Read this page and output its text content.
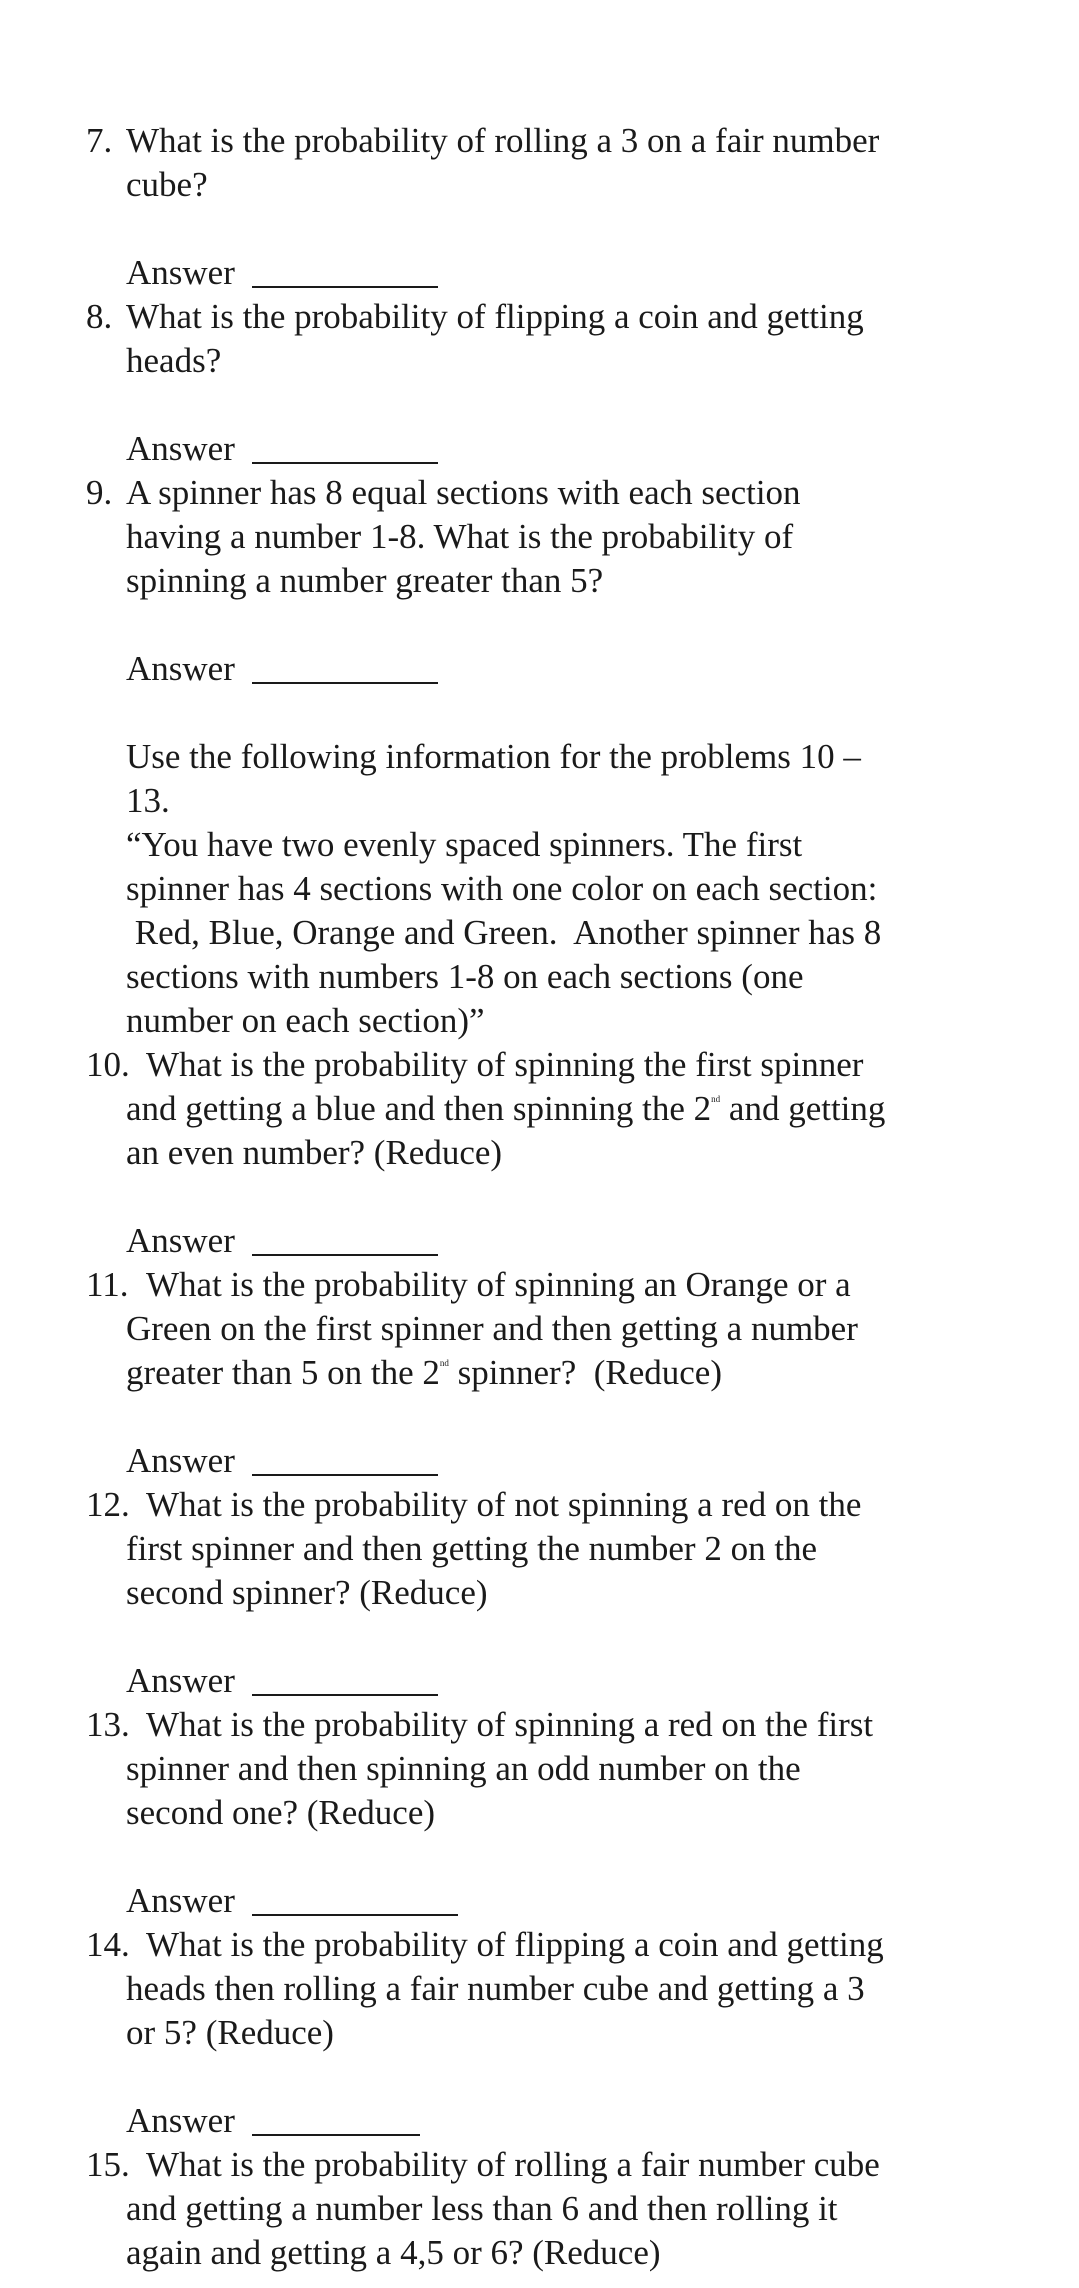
7. What is the probability of rolling a 3 on a fair number
cube?
Answer
8. What is the probability of flipping a coin and getting
heads?
Answer
9. A spinner has 8 equal sections with each section
having a number 1-8. What is the probability of
spinning a number greater than 5?
Answer
Use the following information for the problems 10 –
13.
“You have two evenly spaced spinners. The first
spinner has 4 sections with one color on each section:
Red, Blue, Orange and Green.  Another spinner has 8
sections with numbers 1-8 on each sections (one
number on each section)”
10. What is the probability of spinning the first spinner
and getting a blue and then spinning the 2nd and getting
an even number? (Reduce)
Answer
11. What is the probability of spinning an Orange or a
Green on the first spinner and then getting a number
greater than 5 on the 2nd spinner?  (Reduce)
Answer
12. What is the probability of not spinning a red on the
first spinner and then getting the number 2 on the
second spinner? (Reduce)
Answer
13. What is the probability of spinning a red on the first
spinner and then spinning an odd number on the
second one? (Reduce)
Answer
14. What is the probability of flipping a coin and getting
heads then rolling a fair number cube and getting a 3
or 5? (Reduce)
Answer
15. What is the probability of rolling a fair number cube
and getting a number less than 6 and then rolling it
again and getting a 4,5 or 6? (Reduce)
